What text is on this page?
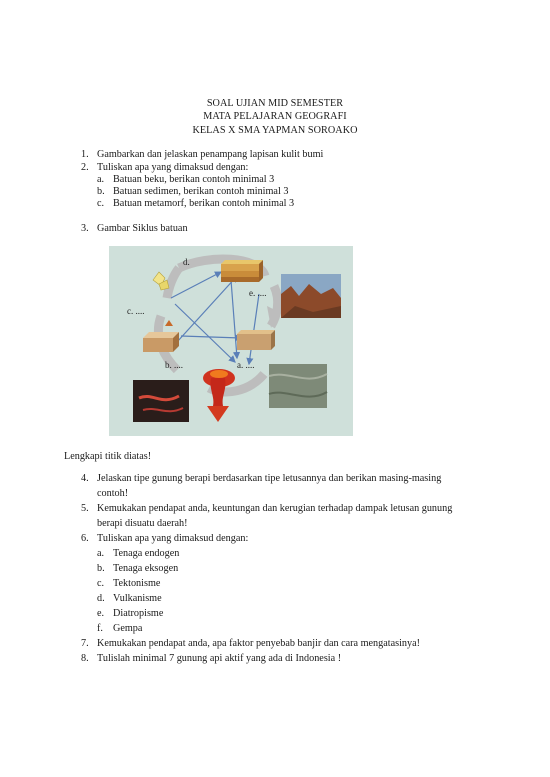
SOAL UJIAN MID SEMESTER
MATA PELAJARAN GEOGRAFI
KELAS X SMA YAPMAN SOROAKO
1. Gambarkan dan jelaskan penampang lapisan kulit bumi
2. Tuliskan apa yang dimaksud dengan:
a. Batuan beku, berikan contoh minimal 3
b. Batuan sedimen, berikan contoh minimal 3
c. Batuan metamorf, berikan contoh minimal 3
3. Gambar Siklus batuan
d.
e. ....
c. ....
b. ....	a. ....
Lengkapi titik diatas!
4. Jelaskan tipe gunung berapi berdasarkan tipe letusannya dan berikan masing-masing
contoh!
5. Kemukakan pendapat anda, keuntungan dan kerugian terhadap dampak letusan gunung
berapi disuatu daerah!
6. Tuliskan apa yang dimaksud dengan:
a. Tenaga endogen
b. Tenaga eksogen
c. Tektonisme
d. Vulkanisme
e. Diatropisme
f. Gempa
7. Kemukakan pendapat anda, apa faktor penyebab banjir dan cara mengatasinya!
8. Tulislah minimal 7 gunung api aktif yang ada di Indonesia !
